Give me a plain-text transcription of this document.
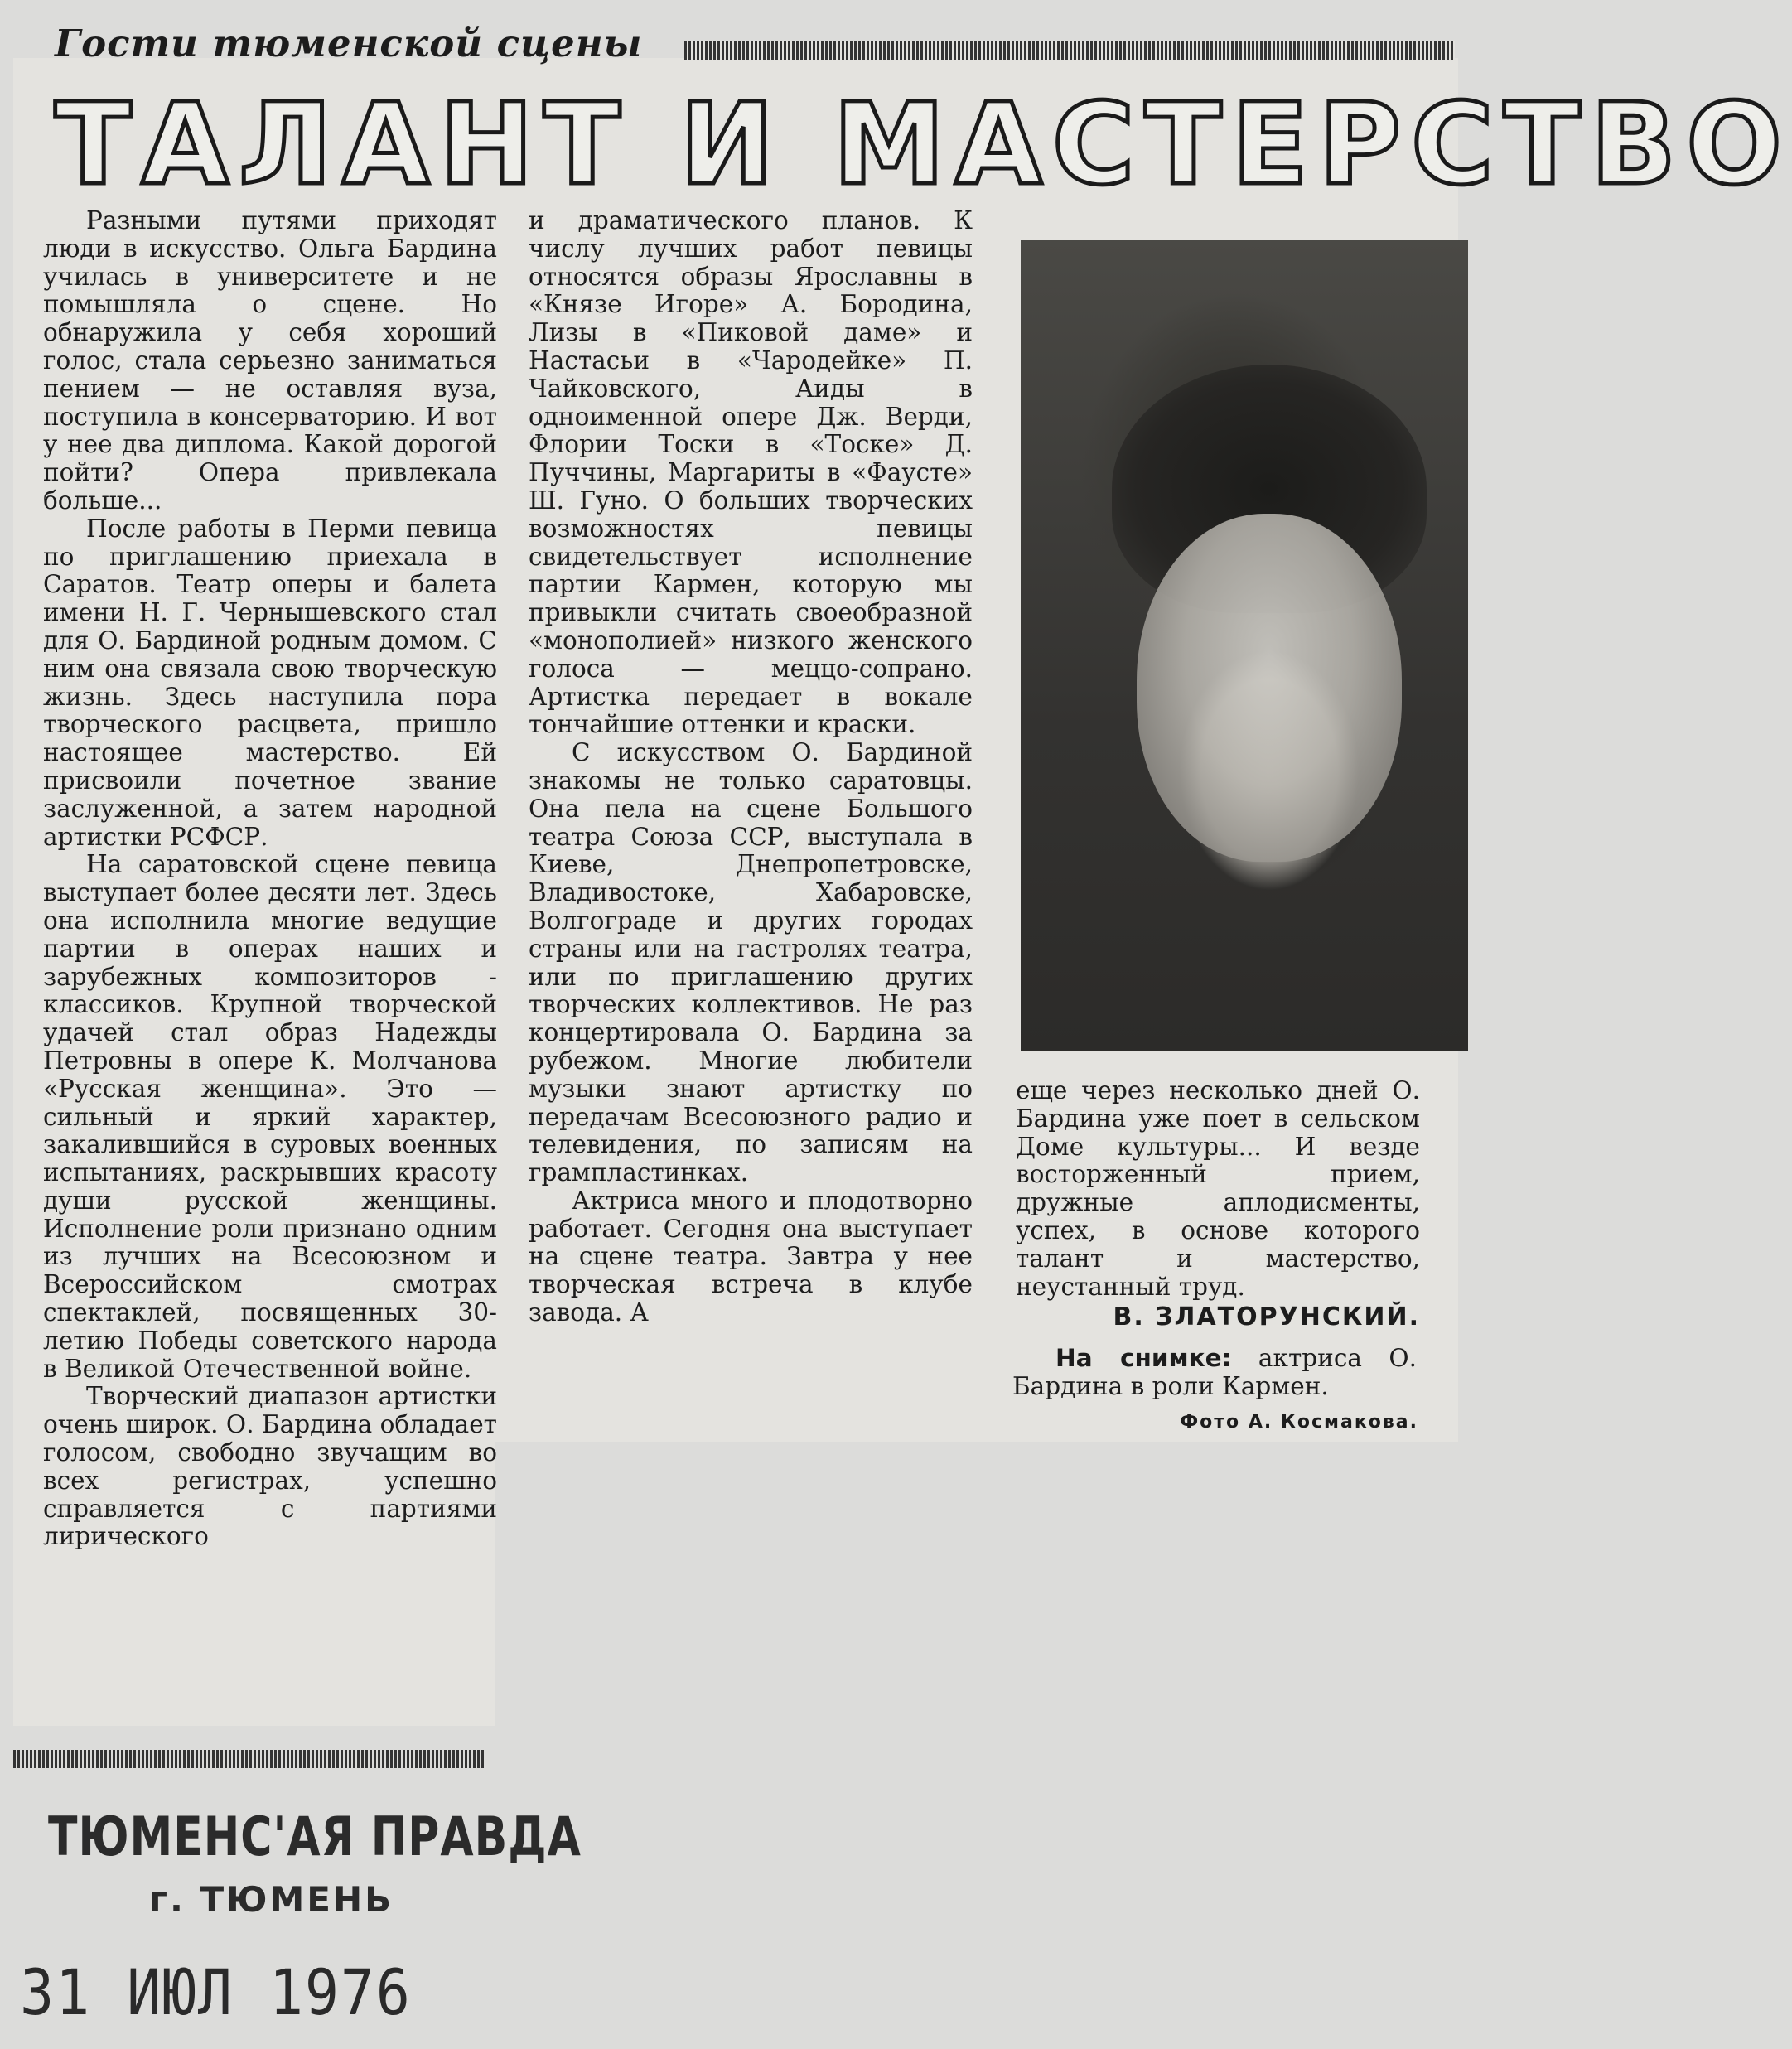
Гости тюменской сцены
ТАЛАНТ И МАСТЕРСТВО

Разными путями приходят люди в искусство. Ольга Бардина училась в университете и не помышляла о сцене. Но обнаружила у себя хороший голос, стала серьезно заниматься пением — не оставляя вуза, поступила в консерваторию. И вот у нее два диплома. Какой дорогой пойти? Опера привлекала больше...

После работы в Перми певица по приглашению приехала в Саратов. Театр оперы и балета имени Н. Г. Чернышевского стал для О. Бардиной родным домом. С ним она связала свою творческую жизнь. Здесь наступила пора творческого расцвета, пришло настоящее мастерство. Ей присвоили почетное звание заслуженной, а затем народной артистки РСФСР.

На саратовской сцене певица выступает более десяти лет. Здесь она исполнила многие ведущие партии в операх наших и зарубежных композиторов - классиков. Крупной творческой удачей стал образ Надежды Петровны в опере К. Молчанова «Русская женщина». Это — сильный и яркий характер, закалившийся в суровых военных испытаниях, раскрывших красоту души русской женщины. Исполнение роли признано одним из лучших на Всесоюзном и Всероссийском смотрах спектаклей, посвященных 30-летию Победы советского народа в Великой Отечественной войне.

Творческий диапазон артистки очень широк. О. Бардина обладает голосом, свободно звучащим во всех регистрах, успешно справляется с партиями лирического

и драматического планов. К числу лучших работ певицы относятся образы Ярославны в «Князе Игоре» А. Бородина, Лизы в «Пиковой даме» и Настасьи в «Чародейке» П. Чайковского, Аиды в одноименной опере Дж. Верди, Флории Тоски в «Тоске» Д. Пуччины, Маргариты в «Фаусте» Ш. Гуно. О больших творческих возможностях певицы свидетельствует исполнение партии Кармен, которую мы привыкли считать своеобразной «монополией» низкого женского голоса — меццо-сопрано. Артистка передает в вокале тончайшие оттенки и краски.

С искусством О. Бардиной знакомы не только саратовцы. Она пела на сцене Большого театра Союза ССР, выступала в Киеве, Днепропетровске, Владивостоке, Хабаровске, Волгограде и других городах страны или на гастролях театра, или по приглашению других творческих коллективов. Не раз концертировала О. Бардина за рубежом. Многие любители музыки знают артистку по передачам Всесоюзного радио и телевидения, по записям на грампластинках.

Актриса много и плодотворно работает. Сегодня она выступает на сцене театра. Завтра у нее творческая встреча в клубе завода. А

еще через несколько дней О. Бардина уже поет в сельском Доме культуры... И везде восторженный прием, дружные аплодисменты, успех, в основе которого талант и мастерство, неустанный труд.

В. ЗЛАТОРУНСКИЙ.
На снимке: актриса О. Бардина в роли Кармен.
Фото А. Космакова.
ТЮМЕНС'АЯ ПРАВДА
г. ТЮМЕНЬ
31 ИЮЛ 1976
